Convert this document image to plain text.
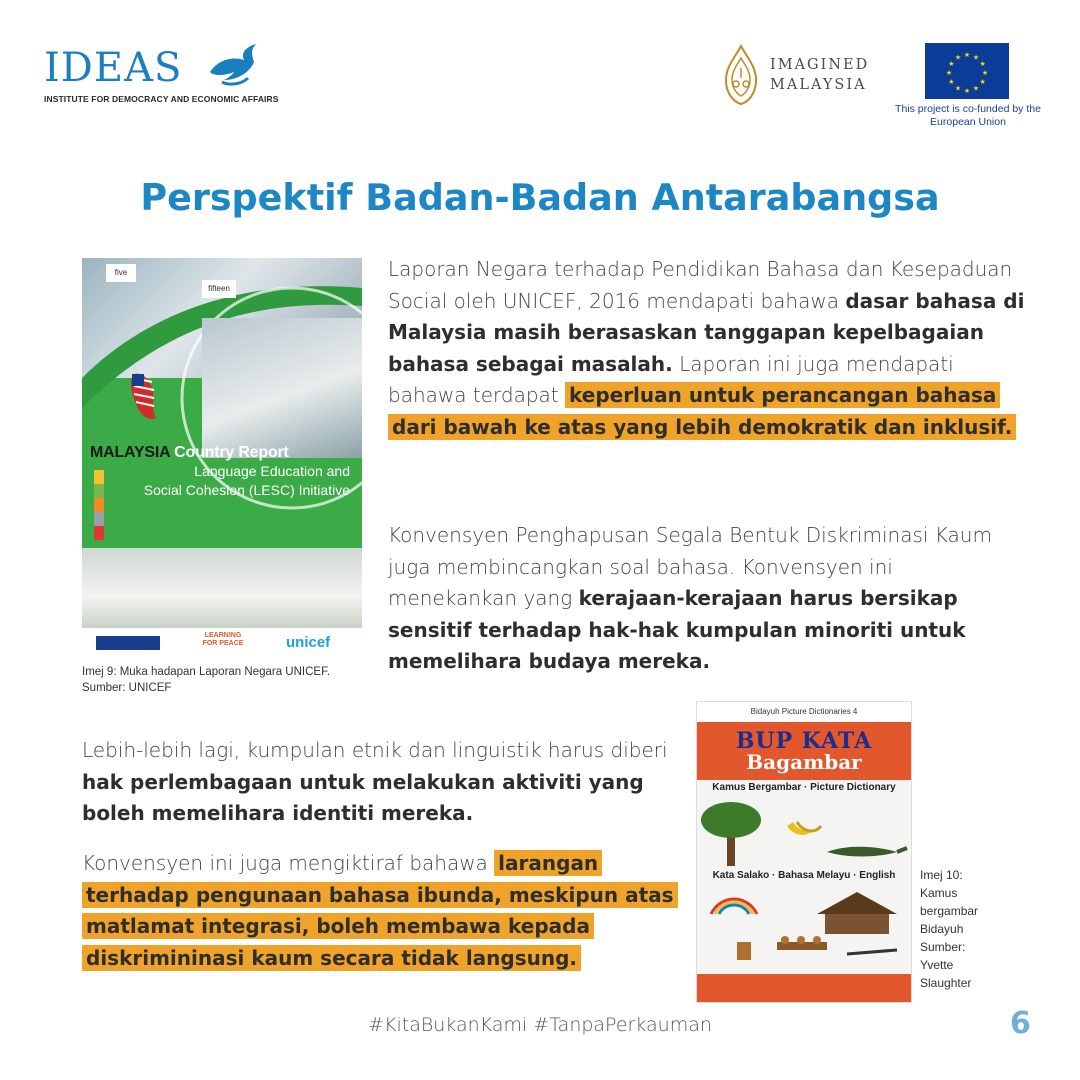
IDEAS
INSTITUTE FOR DEMOCRACY AND ECONOMIC AFFAIRS
IMAGINED
MALAYSIA
★ ★
★
★
★
★
★
★
★
★
★
★
This project is co-funded by the European Union
Perspektif Badan-Badan Antarabangsa
five
fifteen
MALAYSIA Country Report
Language Education and
Social Cohesion (LESC) Initiative
LEARNING FOR PEACE	unicef
Imej 9: Muka hadapan Laporan Negara UNICEF. Sumber: UNICEF
Laporan Negara terhadap Pendidikan Bahasa dan Kesepaduan Social oleh UNICEF, 2016 mendapati bahawa dasar bahasa di Malaysia masih berasaskan tanggapan kepelbagaian bahasa sebagai masalah. Laporan ini juga mendapati bahawa terdapat keperluan untuk perancangan bahasa dari bawah ke atas yang lebih demokratik dan inklusif.
Konvensyen Penghapusan Segala Bentuk Diskriminasi Kaum juga membincangkan soal bahasa. Konvensyen ini menekankan yang kerajaan-kerajaan harus bersikap sensitif terhadap hak-hak kumpulan minoriti untuk memelihara budaya mereka.
Lebih-lebih lagi, kumpulan etnik dan linguistik harus diberi hak perlembagaan untuk melakukan aktiviti yang boleh memelihara identiti mereka.
Konvensyen ini juga mengiktiraf bahawa larangan terhadap pengunaan bahasa ibunda, meskipun atas matlamat integrasi, boleh membawa kepada diskrimininasi kaum secara tidak langsung.
Bidayuh Picture Dictionaries 4
BUP KATA
Bagambar
Kamus Bergambar · Picture Dictionary
Kata Salako · Bahasa Melayu · English	Imej 10: Kamus bergambar Bidayuh Sumber: Yvette Slaughter
#KitaBukanKami #TanpaPerkauman	6
